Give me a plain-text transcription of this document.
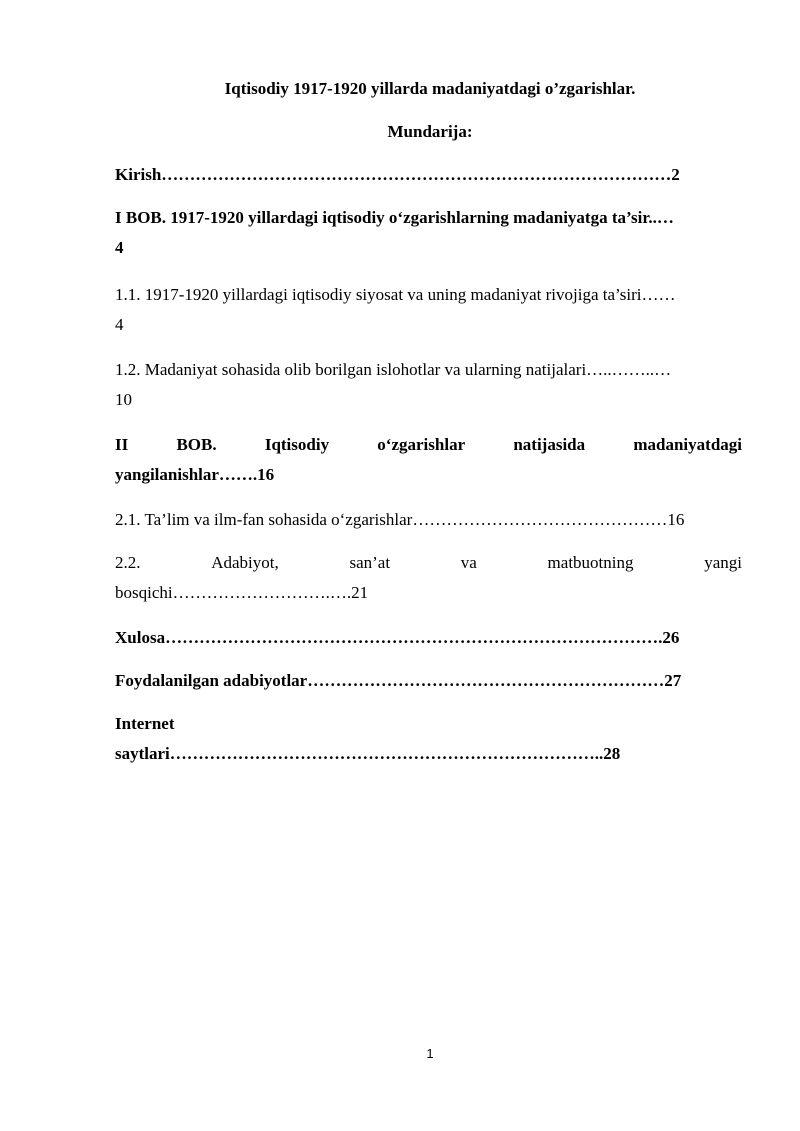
Iqtisodiy 1917-1920 yillarda madaniyatdagi o’zgarishlar.
Mundarija:
Kirish………………………………………………………………………………2
I BOB. 1917-1920 yillardagi iqtisodiy o‘zgarishlarning madaniyatga ta’sir..…
4
1.1. 1917-1920 yillardagi iqtisodiy siyosat va uning madaniyat rivojiga ta’siri……
4
1.2. Madaniyat sohasida olib borilgan islohotlar va ularning natijalari…..……..…
10
II	BOB.	Iqtisodiy	o‘zgarishlar	natijasida	madaniyatdagi
yangilanishlar…….16
2.1. Ta’lim va ilm-fan sohasida o‘zgarishlar………………………………………16
2.2.	Adabiyot,	san’at	va	matbuotning	yangi
bosqichi……………………….….21
Xulosa…………………………………………………………………………….26
Foydalanilgan adabiyotlar………………………………………………………27
Internet
saytlari…………………………………………………………………..28
1
